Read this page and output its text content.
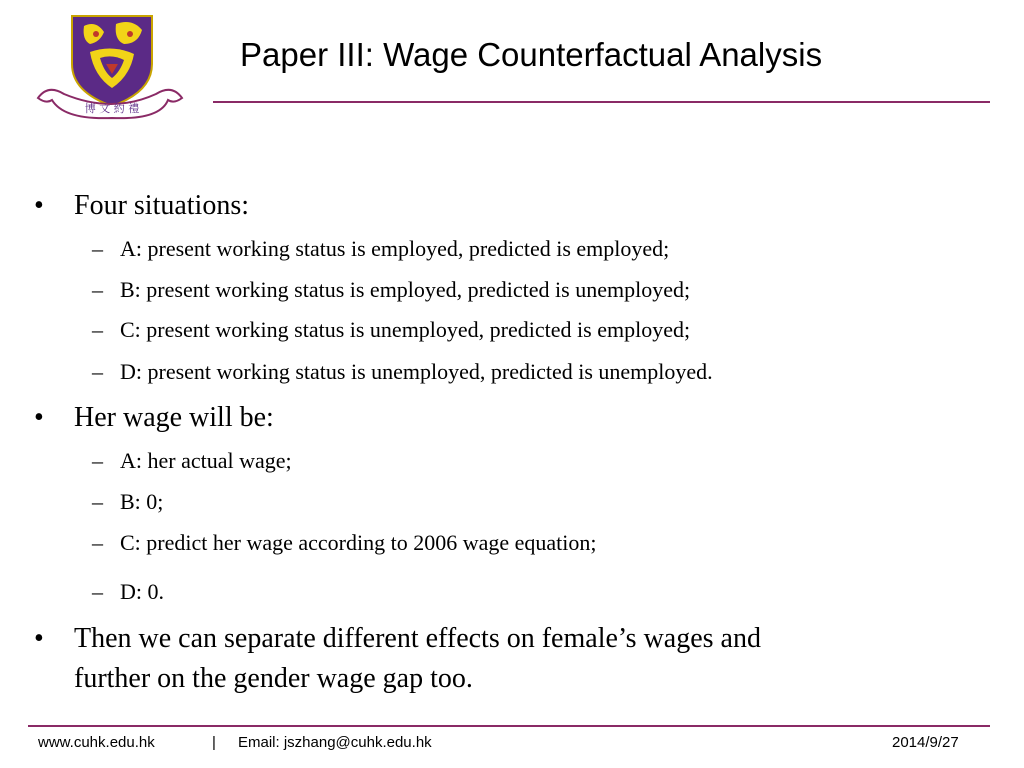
博 文 約 禮
Paper III: Wage Counterfactual Analysis
• Four situations:
– A: present working status is employed, predicted is employed;
– B: present working status is employed, predicted is unemployed;
– C: present working status is unemployed, predicted is employed;
– D: present working status is unemployed, predicted is unemployed.
• Her wage will be:
– A: her actual wage;
– B: 0;
– C: predict her wage according to 2006 wage equation;
– D: 0.
• Then we can separate different effects on female’s wages and
further on the gender wage gap too.
www.cuhk.edu.hk	| Email: jszhang@cuhk.edu.hk	2014/9/27
